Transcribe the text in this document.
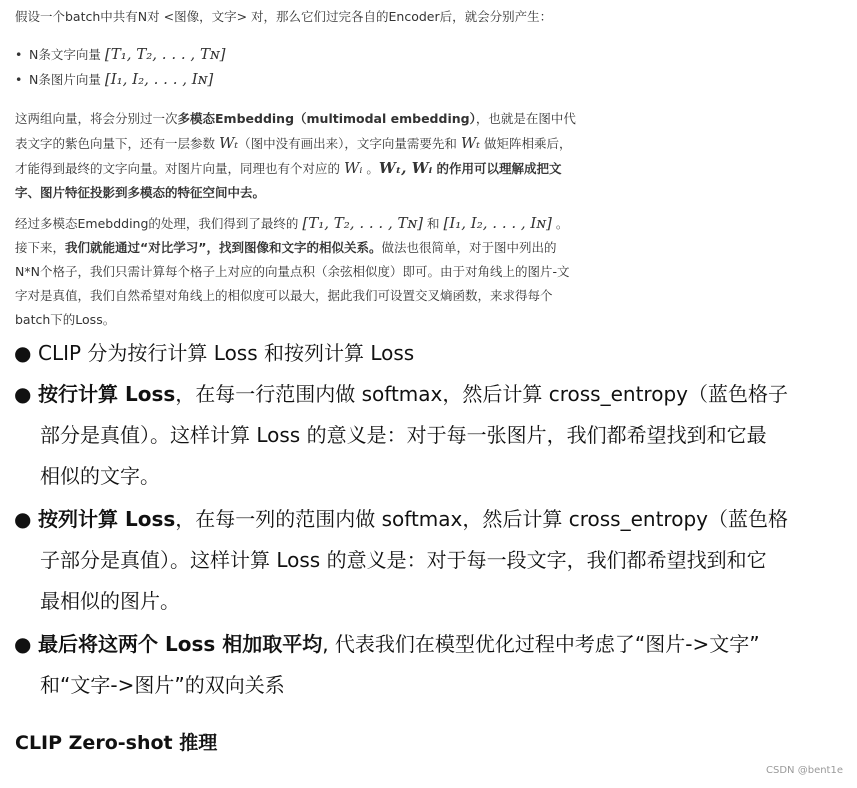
假设一个batch中共有N对 <图像，文字> 对，那么它们过完各自的Encoder后，就会分别产生：
• N条文字向量 [T₁, T₂, . . . , Tɴ]
• N条图片向量 [I₁, I₂, . . . , Iɴ]
这两组向量，将会分别过一次多模态Embedding（multimodal embedding），也就是在图中代表文字的紫色向量下，还有一层参数 Wₜ（图中没有画出来），文字向量需要先和 Wₜ 做矩阵相乘后，才能得到最终的文字向量。对图片向量，同理也有个对应的 Wᵢ 。Wₜ, Wᵢ 的作用可以理解成把文字、图片特征投影到多模态的特征空间中去。
经过多模态Emebdding的处理，我们得到了最终的 [T₁, T₂, . . . , Tɴ] 和 [I₁, I₂, . . . , Iɴ] 。接下来，我们就能通过“对比学习”，找到图像和文字的相似关系。做法也很简单，对于图中列出的N*N个格子，我们只需计算每个格子上对应的向量点积（余弦相似度）即可。由于对角线上的图片-文字对是真值，我们自然希望对角线上的相似度可以最大，据此我们可设置交叉熵函数，来求得每个batch下的Loss。
● CLIP 分为按行计算 Loss 和按列计算 Loss
● 按行计算 Loss，在每一行范围内做 softmax，然后计算 cross_entropy（蓝色格子
部分是真值）。这样计算 Loss 的意义是：对于每一张图片，我们都希望找到和它最
相似的文字。
● 按列计算 Loss，在每一列的范围内做 softmax，然后计算 cross_entropy（蓝色格
子部分是真值）。这样计算 Loss 的意义是：对于每一段文字，我们都希望找到和它
最相似的图片。
● 最后将这两个 Loss 相加取平均, 代表我们在模型优化过程中考虑了“图片->文字”
和“文字->图片”的双向关系
CLIP Zero-shot 推理
CSDN @bent1e
